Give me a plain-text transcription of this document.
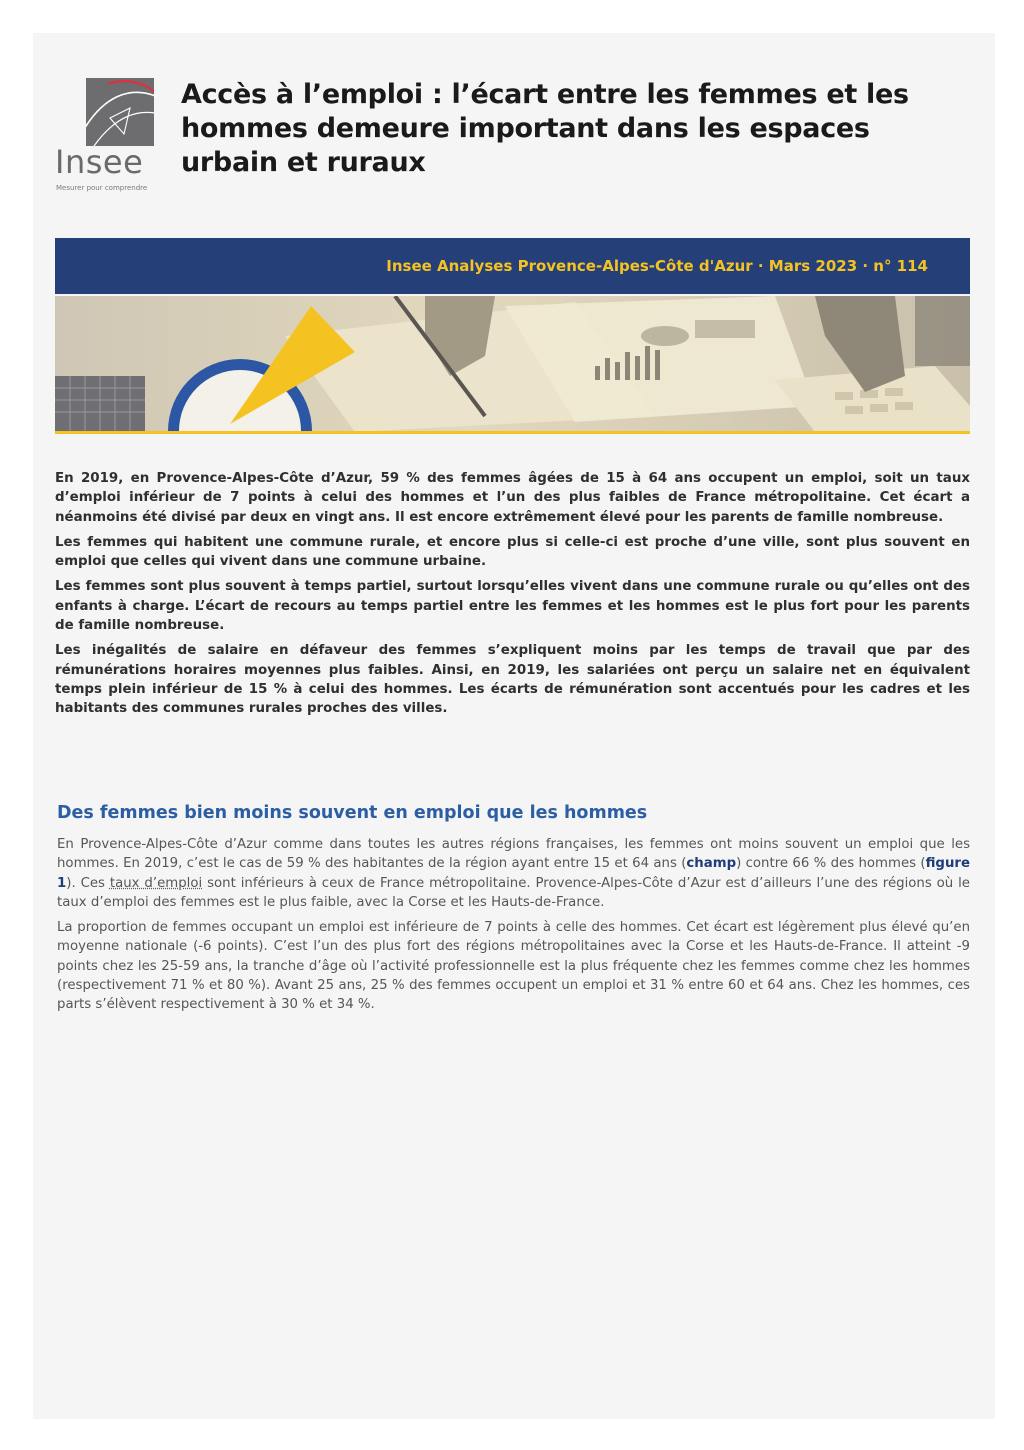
Insee
Mesurer pour comprendre
Accès à l’emploi : l’écart entre les femmes et les hommes demeure important dans les espaces urbain et ruraux
Insee Analyses Provence-Alpes-Côte d'Azur · Mars 2023 · n° 114

En 2019, en Provence-Alpes-Côte d’Azur, 59 % des femmes âgées de 15 à 64 ans occupent un emploi, soit un taux d’emploi inférieur de 7 points à celui des hommes et l’un des plus faibles de France métropolitaine. Cet écart a néanmoins été divisé par deux en vingt ans. Il est encore extrêmement élevé pour les parents de famille nombreuse.

Les femmes qui habitent une commune rurale, et encore plus si celle-ci est proche d’une ville, sont plus souvent en emploi que celles qui vivent dans une commune urbaine.

Les femmes sont plus souvent à temps partiel, surtout lorsqu’elles vivent dans une commune rurale ou qu’elles ont des enfants à charge. L’écart de recours au temps partiel entre les femmes et les hommes est le plus fort pour les parents de famille nombreuse.

Les inégalités de salaire en défaveur des femmes s’expliquent moins par les temps de travail que par des rémunérations horaires moyennes plus faibles. Ainsi, en 2019, les salariées ont perçu un salaire net en équivalent temps plein inférieur de 15 % à celui des hommes. Les écarts de rémunération sont accentués pour les cadres et les habitants des communes rurales proches des villes.

Des femmes bien moins souvent en emploi que les hommes

En Provence-Alpes-Côte d’Azur comme dans toutes les autres régions françaises, les femmes ont moins souvent un emploi que les hommes. En 2019, c’est le cas de 59 % des habitantes de la région ayant entre 15 et 64 ans (champ) contre 66 % des hommes (figure 1). Ces taux d’emploi sont inférieurs à ceux de France métropolitaine. Provence-Alpes-Côte d’Azur est d’ailleurs l’une des régions où le taux d’emploi des femmes est le plus faible, avec la Corse et les Hauts-de-France.

La proportion de femmes occupant un emploi est inférieure de 7 points à celle des hommes. Cet écart est légèrement plus élevé qu’en moyenne nationale (-6 points). C’est l’un des plus fort des régions métropolitaines avec la Corse et les Hauts-de-France. Il atteint -9 points chez les 25-59 ans, la tranche d’âge où l’activité professionnelle est la plus fréquente chez les femmes comme chez les hommes (respectivement 71 % et 80 %). Avant 25 ans, 25 % des femmes occupent un emploi et 31 % entre 60 et 64 ans. Chez les hommes, ces parts s’élèvent respectivement à 30 % et 34 %.
